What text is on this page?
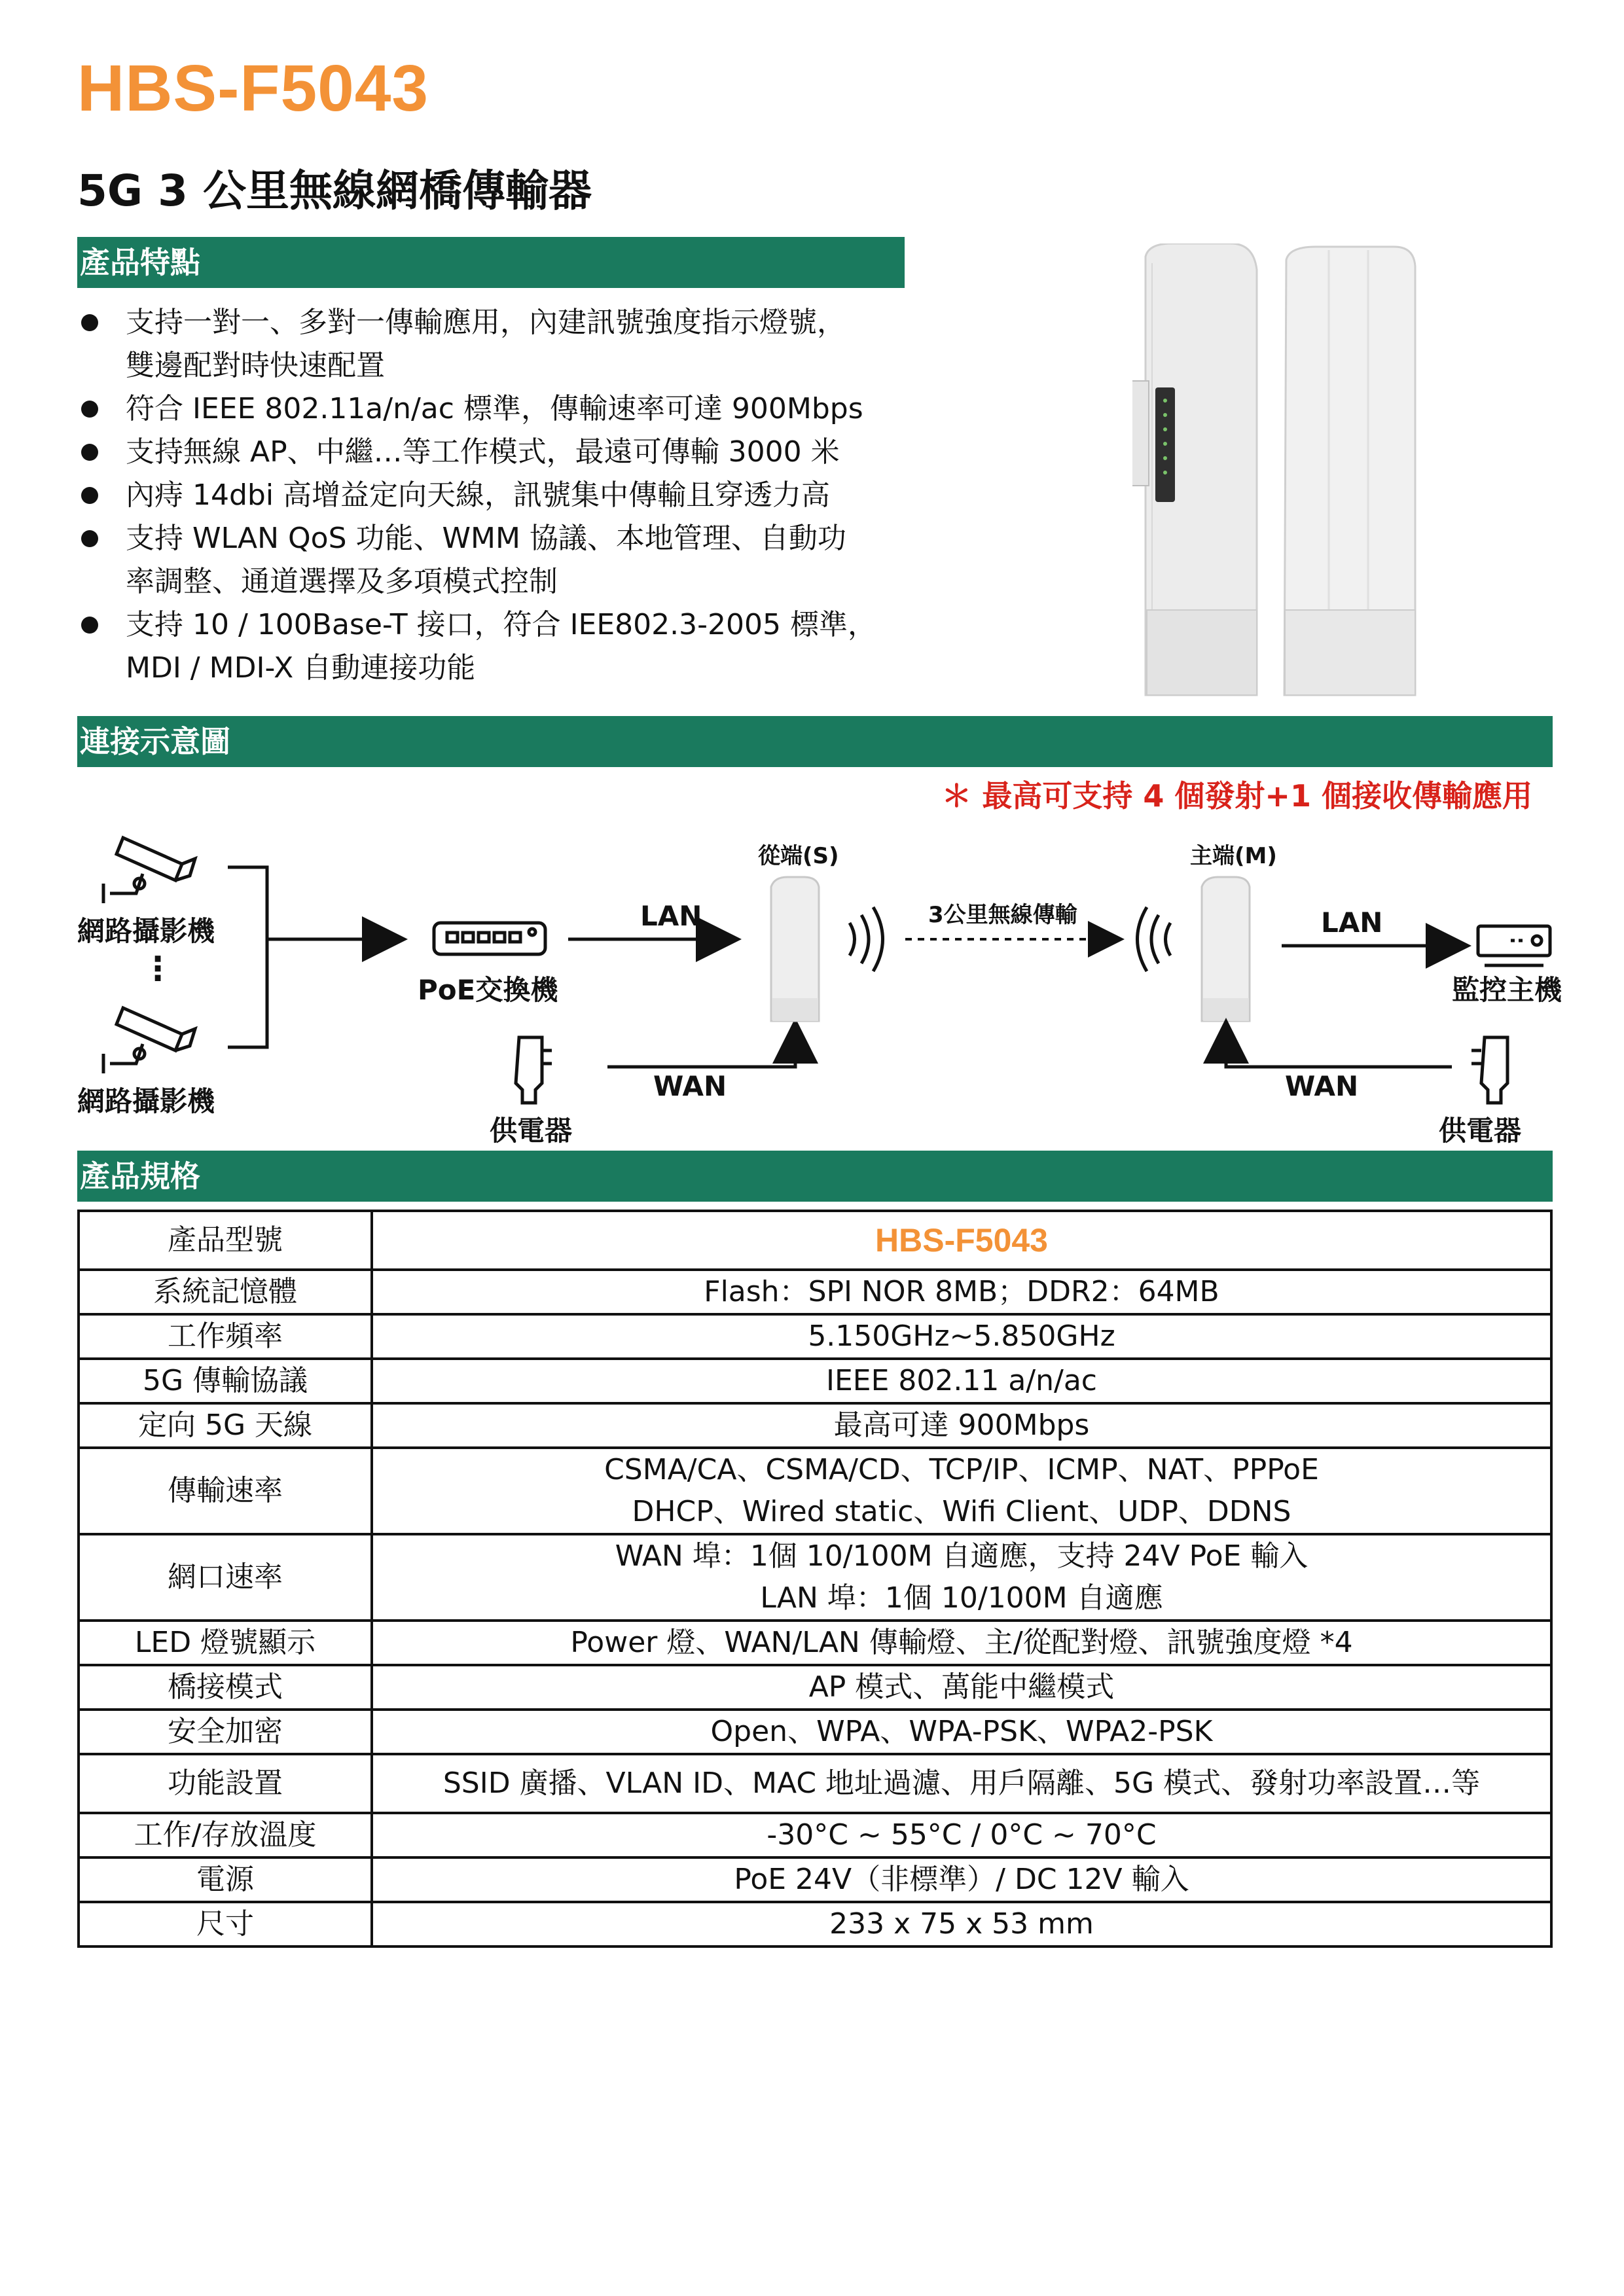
HBS-F5043
5G 3 公里無線網橋傳輸器
產品特點
支持一對一、多對一傳輸應用，內建訊號強度指示燈號，
雙邊配對時快速配置
符合 IEEE 802.11a/n/ac 標準，傳輸速率可達 900Mbps
支持無線 AP、中繼…等工作模式，最遠可傳輸 3000 米
內痔 14dbi 高增益定向天線，訊號集中傳輸且穿透力高
支持 WLAN QoS 功能、WMM 協議、本地管理、自動功
率調整、通道選擇及多項模式控制
支持 10 / 100Base-T 接口，符合 IEE802.3-2005 標準，
MDI / MDI-X 自動連接功能
連接示意圖
＊ 最高可支持 4 個發射+1 個接收傳輸應用
網路攝影機
⋮
網路攝影機
PoE交換機
LAN
WAN
供電器
從端(S)
3公里無線傳輸
主端(M)
LAN
監控主機
WAN
供電器
產品規格
產品型號	HBS-F5043
系統記憶體	Flash：SPI NOR 8MB；DDR2：64MB
工作頻率	5.150GHz~5.850GHz
5G 傳輸協議	IEEE 802.11 a/n/ac
定向 5G 天線	最高可達 900Mbps
傳輸速率	CSMA/CA、CSMA/CD、TCP/IP、ICMP、NAT、PPPoE
DHCP、Wired static、Wifi Client、UDP、DDNS
網口速率	WAN 埠：1個 10/100M 自適應，支持 24V PoE 輸入
LAN 埠：1個 10/100M 自適應
LED 燈號顯示	Power 燈、WAN/LAN 傳輸燈、主/從配對燈、訊號強度燈 *4
橋接模式	AP 模式、萬能中繼模式
安全加密	Open、WPA、WPA-PSK、WPA2-PSK
功能設置	SSID 廣播、VLAN ID、MAC 地址過濾、用戶隔離、5G 模式、發射功率設置…等
工作/存放溫度	-30°C ~ 55°C / 0°C ~ 70°C
電源	PoE 24V（非標準）/ DC 12V 輸入
尺寸	233 x 75 x 53 mm
